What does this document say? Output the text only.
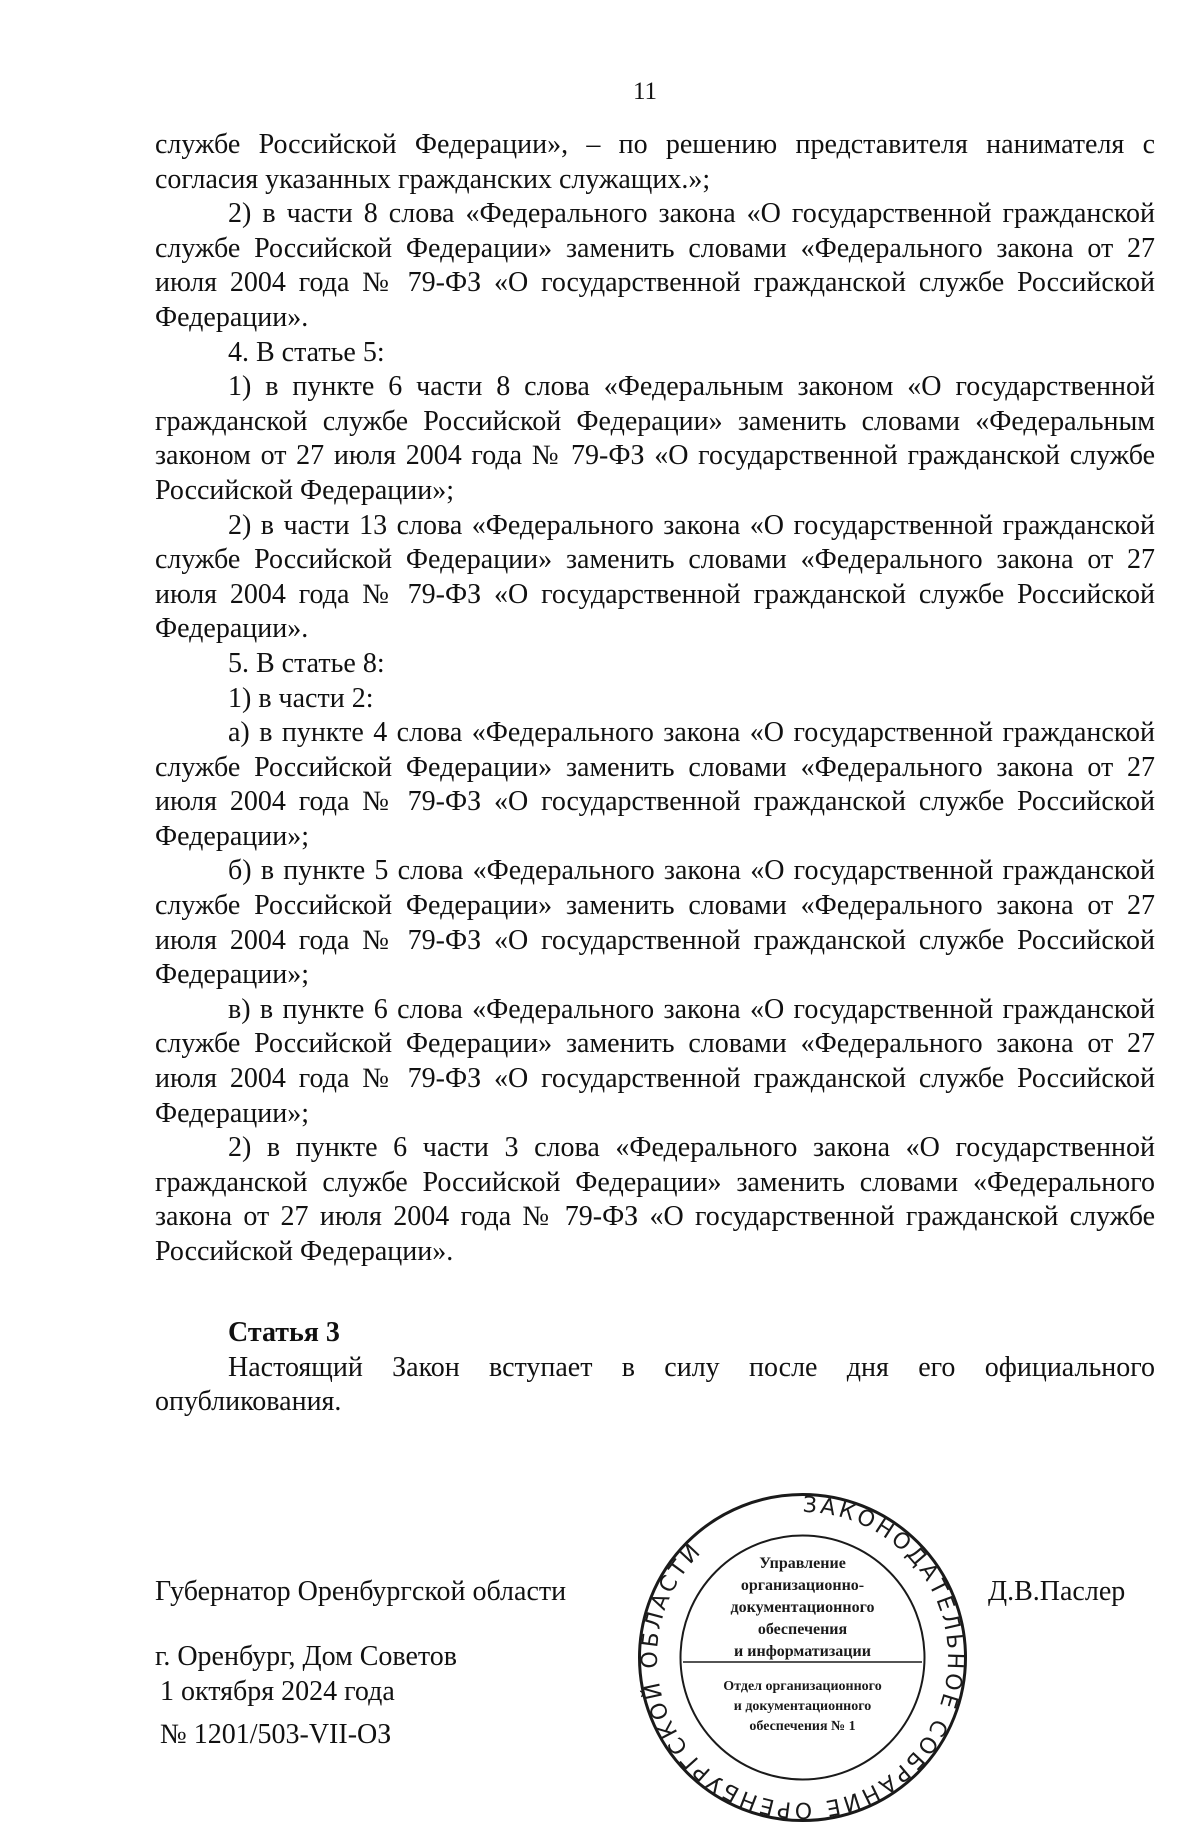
11

службе Российской Федерации», – по решению представителя нанимателя с согласия указанных гражданских служащих.»;

2) в части 8 слова «Федерального закона «О государственной гражданской службе Российской Федерации» заменить словами «Федерального закона от 27 июля 2004 года № 79-ФЗ «О государственной гражданской службе Российской Федерации».

4. В статье 5:

1) в пункте 6 части 8 слова «Федеральным законом «О государственной гражданской службе Российской Федерации» заменить словами «Федеральным законом от 27 июля 2004 года № 79-ФЗ «О государственной гражданской службе Российской Федерации»;

2) в части 13 слова «Федерального закона «О государственной гражданской службе Российской Федерации» заменить словами «Федерального закона от 27 июля 2004 года № 79-ФЗ «О государственной гражданской службе Российской Федерации».

5. В статье 8:

1) в части 2:

а) в пункте 4 слова «Федерального закона «О государственной гражданской службе Российской Федерации» заменить словами «Федерального закона от 27 июля 2004 года № 79-ФЗ «О государственной гражданской службе Российской Федерации»;

б) в пункте 5 слова «Федерального закона «О государственной гражданской службе Российской Федерации» заменить словами «Федерального закона от 27 июля 2004 года № 79-ФЗ «О государственной гражданской службе Российской Федерации»;

в) в пункте 6 слова «Федерального закона «О государственной гражданской службе Российской Федерации» заменить словами «Федерального закона от 27 июля 2004 года № 79-ФЗ «О государственной гражданской службе Российской Федерации»;

2) в пункте 6 части 3 слова «Федерального закона «О государственной гражданской службе Российской Федерации» заменить словами «Федерального закона от 27 июля 2004 года № 79-ФЗ «О государственной гражданской службе Российской Федерации».

Статья 3

Настоящий Закон вступает в силу после дня его официального опубликования.

Губернатор Оренбургской области	Д.В.Паслер
г. Оренбург, Дом Советов
1 октября 2024 года
№ 1201/503-VII-ОЗ
ЗАКОНОДАТЕЛЬНОЕ СОБРАНИЕ ОРЕНБУРГСКОЙ ОБЛАСТИ	Управление
организационно-
документационного
обеспечения
и информатизации
Отдел организационного
и документационного
обеспечения № 1
